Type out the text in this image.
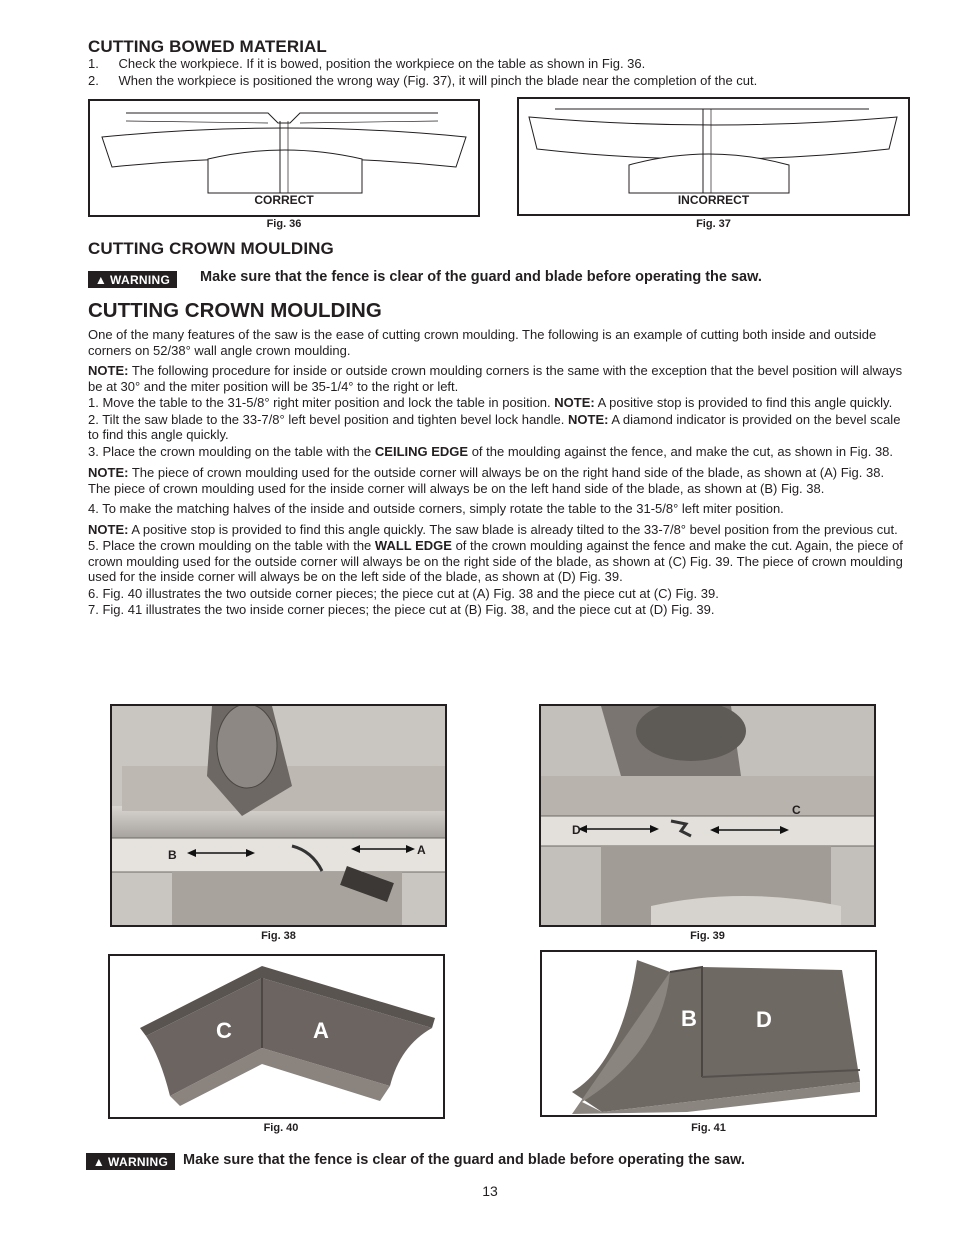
CUTTING BOWED MATERIAL
1. Check the workpiece. If it is bowed, position the workpiece on the table as shown in Fig. 36.
2. When the workpiece is positioned the wrong way (Fig. 37), it will pinch the blade near the completion of the cut.
CORRECT
Fig. 36
INCORRECT
Fig. 37
CUTTING CROWN MOULDING
▲ WARNING Make sure that the fence is clear of the guard and blade before operating the saw.
CUTTING CROWN MOULDING
One of the many features of the saw is the ease of cutting crown moulding. The following is an example of cutting both inside and outside corners on 52/38° wall angle crown moulding.
NOTE: The following procedure for inside or outside crown moulding corners is the same with the exception that the bevel position will always be at 30° and the miter position will be 35-1/4° to the right or left.
1. Move the table to the 31-5/8° right miter position and lock the table in position. NOTE: A positive stop is provided to find this angle quickly.
2. Tilt the saw blade to the 33-7/8° left bevel position and tighten bevel lock handle. NOTE: A diamond indicator is provided on the bevel scale to find this angle quickly.
3. Place the crown moulding on the table with the CEILING EDGE of the moulding against the fence, and make the cut, as shown in Fig. 38.
NOTE: The piece of crown moulding used for the outside corner will always be on the right hand side of the blade, as shown at (A) Fig. 38. The piece of crown moulding used for the inside corner will always be on the left hand side of the blade, as shown at (B) Fig. 38.
4. To make the matching halves of the inside and outside corners, simply rotate the table to the 31-5/8° left miter position.
NOTE: A positive stop is provided to find this angle quickly. The saw blade is already tilted to the 33-7/8° bevel position from the previous cut.
5. Place the crown moulding on the table with the WALL EDGE of the crown moulding against the fence and make the cut. Again, the piece of crown moulding used for the outside corner will always be on the right side of the blade, as shown at (C) Fig. 39. The piece of crown moulding used for the inside corner will always be on the left side of the blade, as shown at (D) Fig. 39.
6. Fig. 40 illustrates the two outside corner pieces; the piece cut at (A) Fig. 38 and the piece cut at (C) Fig. 39.
7. Fig. 41 illustrates the two inside corner pieces; the piece cut at (B) Fig. 38, and the piece cut at (D) Fig. 39.
B	A
Fig. 38
D
C
Fig. 39
C	A
Fig. 40
B	D
Fig. 41
▲ WARNING Make sure that the fence is clear of the guard and blade before operating the saw.
13
